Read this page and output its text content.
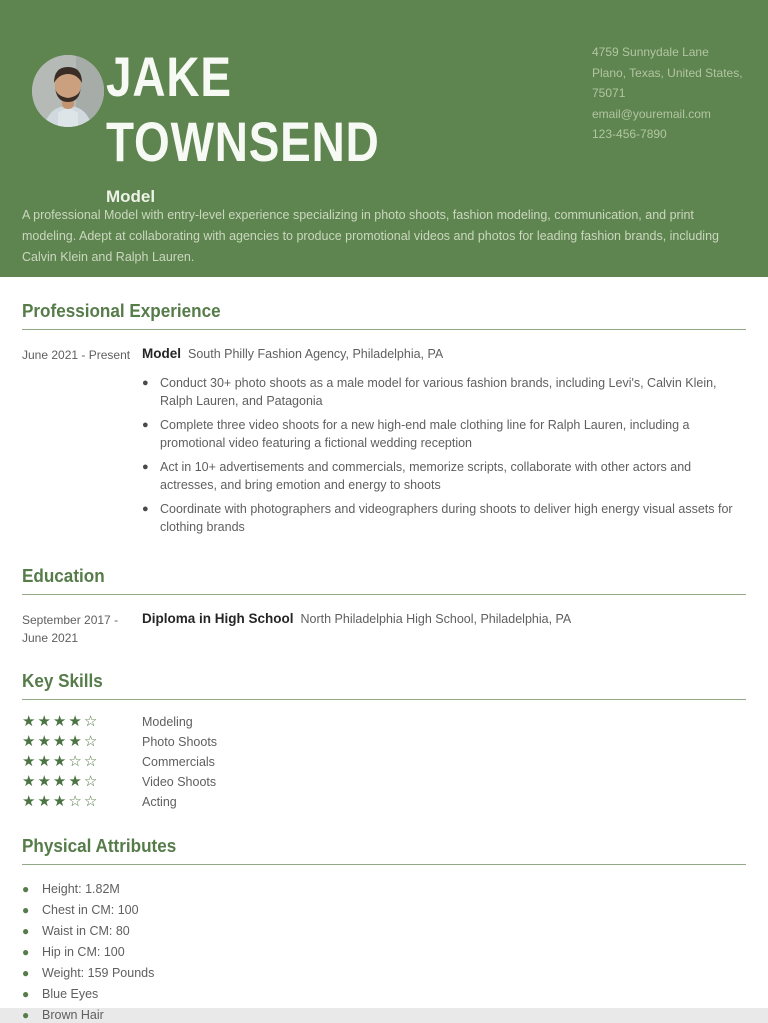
JAKE
TOWNSEND
Model
4759 Sunnydale Lane
Plano, Texas, United States,
75071
email@youremail.com
123-456-7890

A professional Model with entry-level experience specializing in photo shoots, fashion modeling, communication, and print modeling. Adept at collaborating with agencies to produce promotional videos and photos for leading fashion brands, including Calvin Klein and Ralph Lauren.

Professional Experience
June 2021 - Present Model South Philly Fashion Agency, Philadelphia, PA
● Conduct 30+ photo shoots as a male model for various fashion brands, including Levi's, Calvin Klein, Ralph Lauren, and Patagonia
● Complete three video shoots for a new high-end male clothing line for Ralph Lauren, including a promotional video featuring a fictional wedding reception
● Act in 10+ advertisements and commercials, memorize scripts, collaborate with other actors and actresses, and bring emotion and energy to shoots
● Coordinate with photographers and videographers during shoots to deliver high energy visual assets for clothing brands
Education
September 2017 - June 2021
Diploma in High School North Philadelphia High School, Philadelphia, PA
Key Skills
★★★★☆	Modeling
★★★★☆	Photo Shoots
★★★☆☆	Commercials
★★★★☆	Video Shoots
★★★☆☆	Acting
Physical Attributes
●	Height: 1.82M
●	Chest in CM: 100
●	Waist in CM: 80
●	Hip in CM: 100
●	Weight: 159 Pounds
●	Blue Eyes
●	Brown Hair
